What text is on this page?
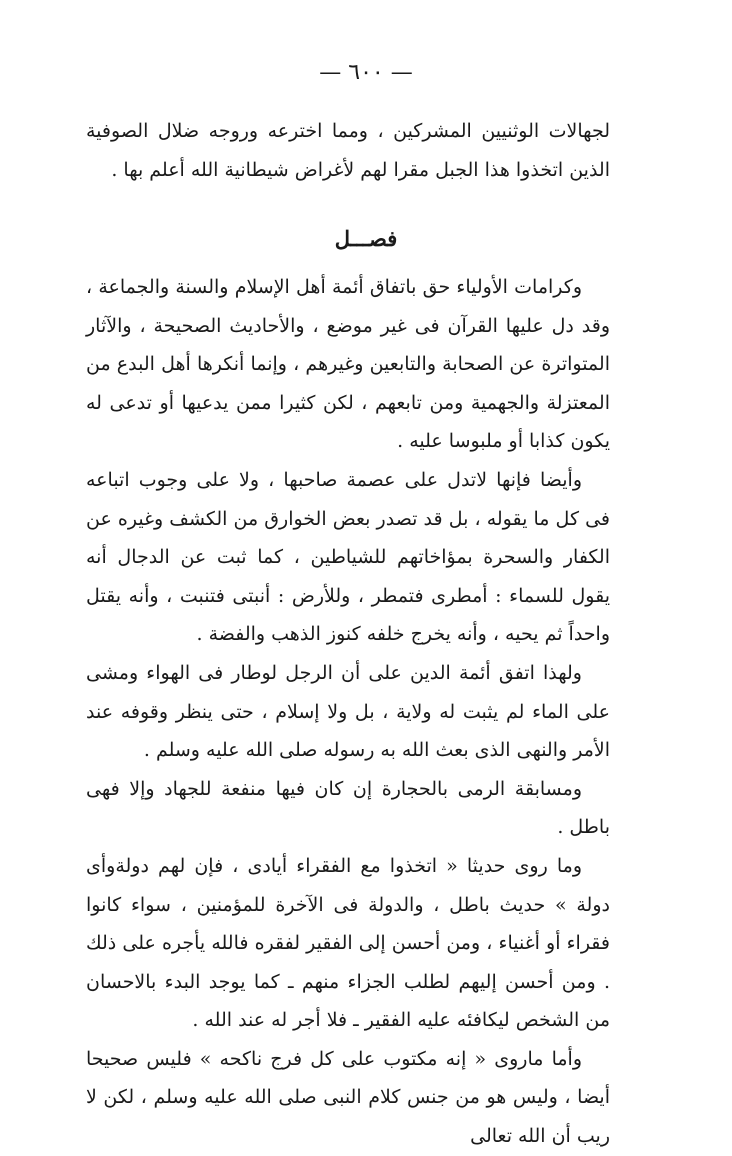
— ٦٠٠ —
لجهالات الوثنيين المشركين ، ومما اخترعه وروجه ضلال الصوفية الذين اتخذوا هذا الجبل مقرا لهم لأغراض شيطانية الله أعلم بها .
فصـــل

وكرامات الأولياء حق باتفاق أئمة أهل الإسلام والسنة والجماعة ، وقد دل عليها القرآن فى غير موضع ، والأحاديث الصحيحة ، والآثار المتواترة عن الصحابة والتابعين وغيرهم ، وإنما أنكرها أهل البدع من المعتزلة والجهمية ومن تابعهم ، لكن كثيرا ممن يدعيها أو تدعى له يكون كذابا أو ملبوسا عليه .

وأيضا فإنها لاتدل على عصمة صاحبها ، ولا على وجوب اتباعه فى كل ما يقوله ، بل قد تصدر بعض الخوارق من الكشف وغيره عن الكفار والسحرة بمؤاخاتهم للشياطين ، كما ثبت عن الدجال أنه يقول للسماء : أمطرى فتمطر ، وللأرض : أنبتى فتنبت ، وأنه يقتل واحداً ثم يحيه ، وأنه يخرج خلفه كنوز الذهب والفضة .

ولهذا اتفق أئمة الدين على أن الرجل لوطار فى الهواء ومشى على الماء لم يثبت له ولاية ، بل ولا إسلام ، حتى ينظر وقوفه عند الأمر والنهى الذى بعث الله به رسوله صلى الله عليه وسلم .

ومسابقة الرمى بالحجارة إن كان فيها منفعة للجهاد وإلا فهى باطل .

وما روى حديثا « اتخذوا مع الفقراء أيادى ، فإن لهم دولةوأى دولة » حديث باطل ، والدولة فى الآخرة للمؤمنين ، سواء كانوا فقراء أو أغنياء ، ومن أحسن إلى الفقير لفقره فالله يأجره على ذلك . ومن أحسن إليهم لطلب الجزاء منهم ـ كما يوجد البدء بالاحسان من الشخص ليكافئه عليه الفقير ـ فلا أجر له عند الله .

وأما ماروى « إنه مكتوب على كل فرج ناكحه » فليس صحيحا أيضا ، وليس هو من جنس كلام النبى صلى الله عليه وسلم ، لكن لا ريب أن الله تعالى
